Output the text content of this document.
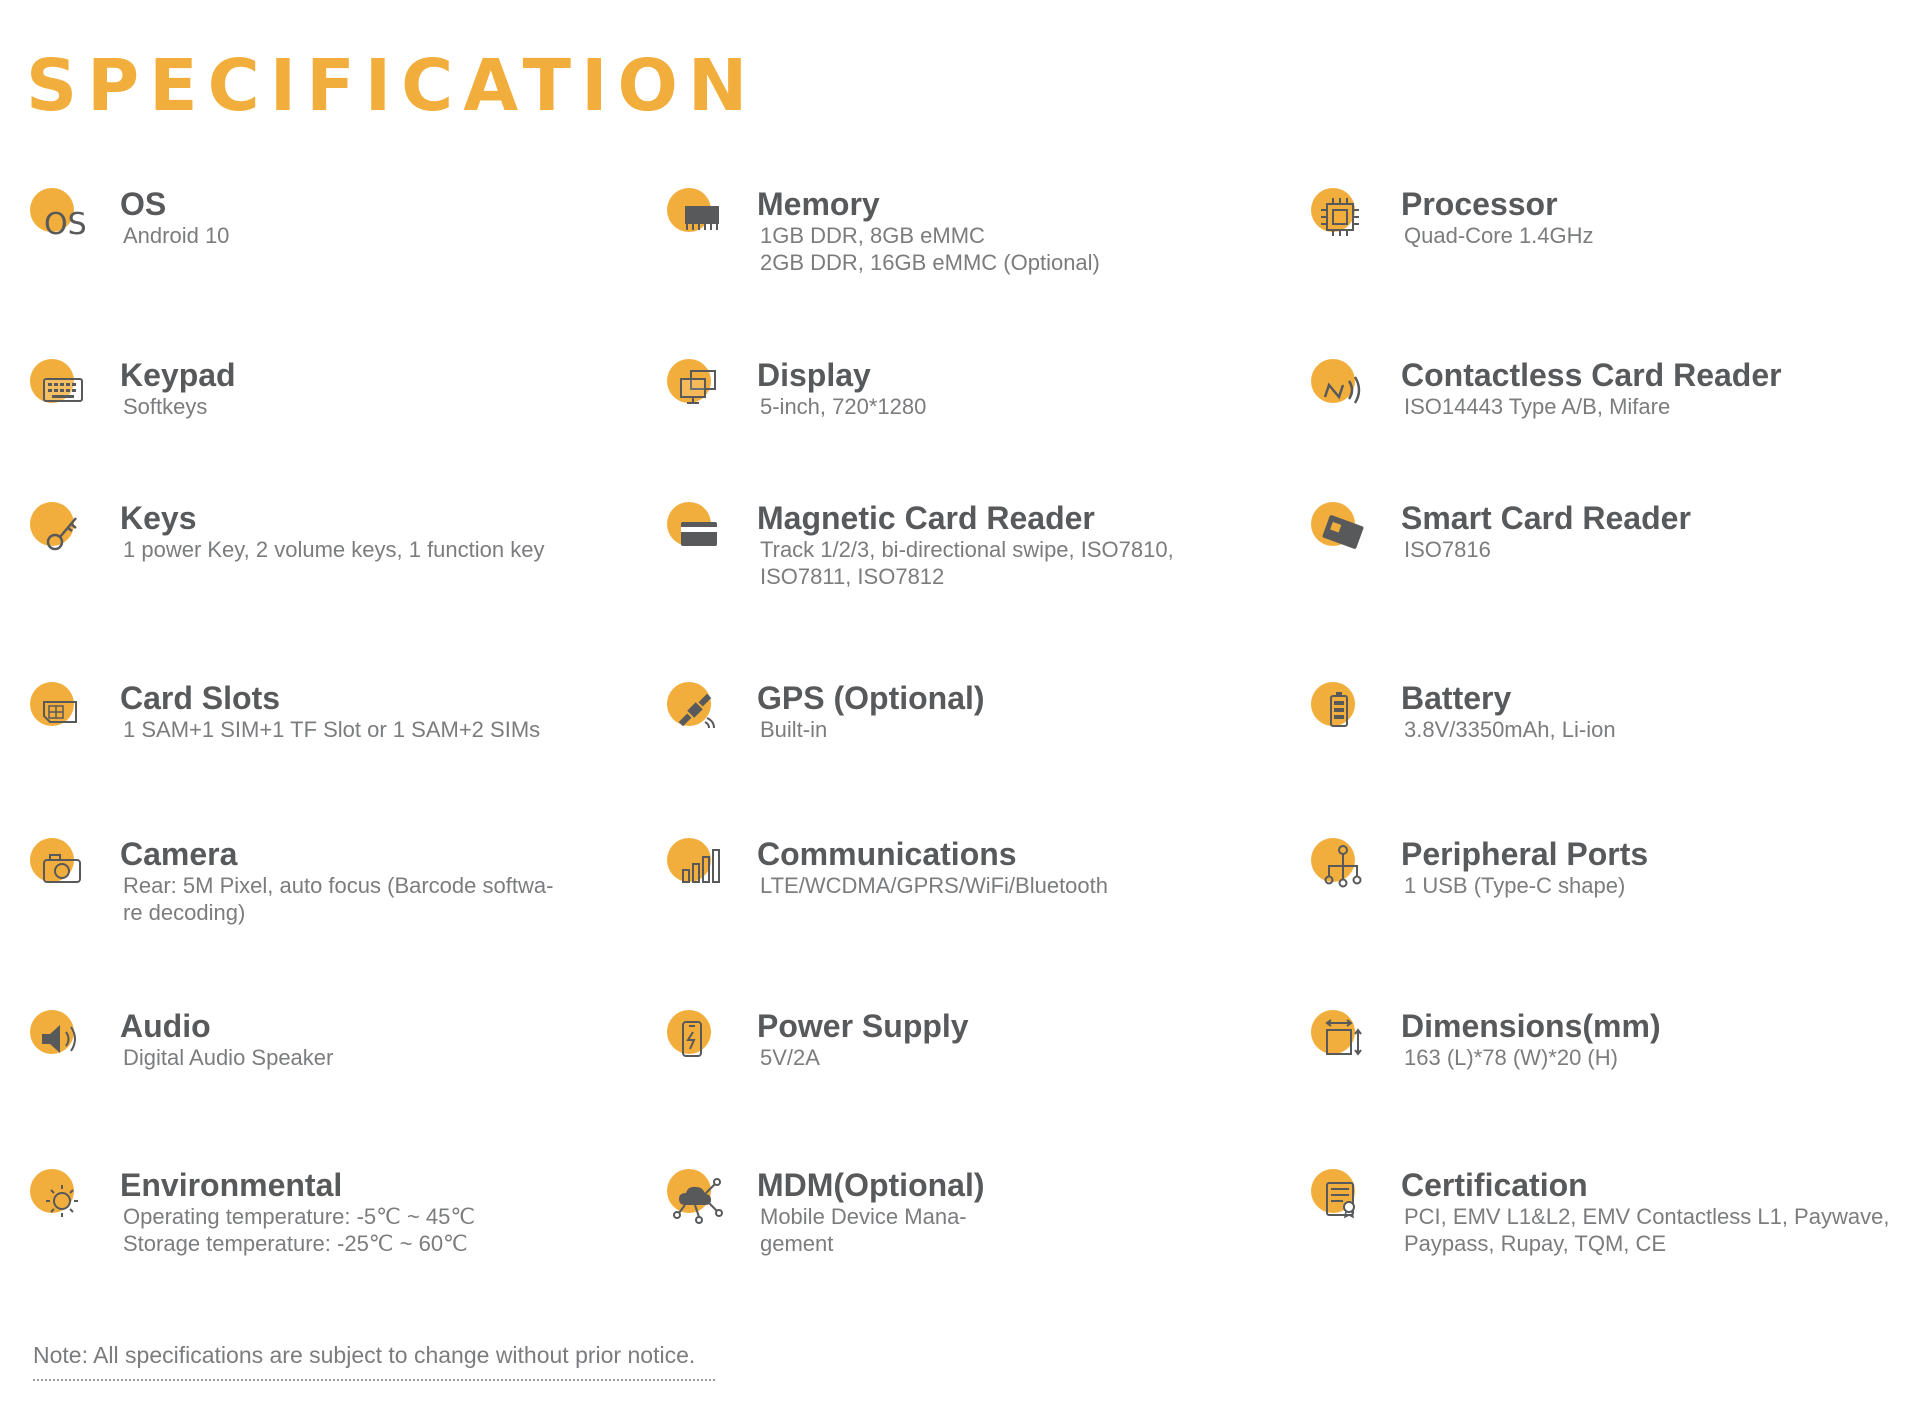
SPECIFICATION
OS
OS
Android 10
Memory
1GB DDR, 8GB eMMC
2GB DDR, 16GB eMMC (Optional)
Processor
Quad-Core 1.4GHz
Keypad
Softkeys
Display
5-inch, 720*1280
Contactless Card Reader
ISO14443 Type A/B, Mifare
Keys
1 power Key, 2 volume keys, 1 function key
Magnetic Card Reader
Track 1/2/3, bi-directional swipe, ISO7810,
ISO7811, ISO7812
Smart Card Reader
ISO7816
Card Slots
1 SAM+1 SIM+1 TF Slot or 1 SAM+2 SIMs
GPS (Optional)
Built-in
Battery
3.8V/3350mAh, Li-ion
Camera
Rear: 5M Pixel, auto focus (Barcode softwa-
re decoding)
Communications
LTE/WCDMA/GPRS/WiFi/Bluetooth
Peripheral Ports
1 USB (Type-C shape)
Audio
Digital Audio Speaker
Power Supply
5V/2A
Dimensions(mm)
163 (L)*78 (W)*20 (H)
Environmental
Operating temperature: -5℃ ~ 45℃
Storage temperature: -25℃ ~ 60℃
MDM(Optional)
Mobile Device Mana-
gement
Certification
PCI, EMV L1&L2, EMV Contactless L1, Paywave,
Paypass, Rupay, TQM, CE
Note: All specifications are subject to change without prior notice.
